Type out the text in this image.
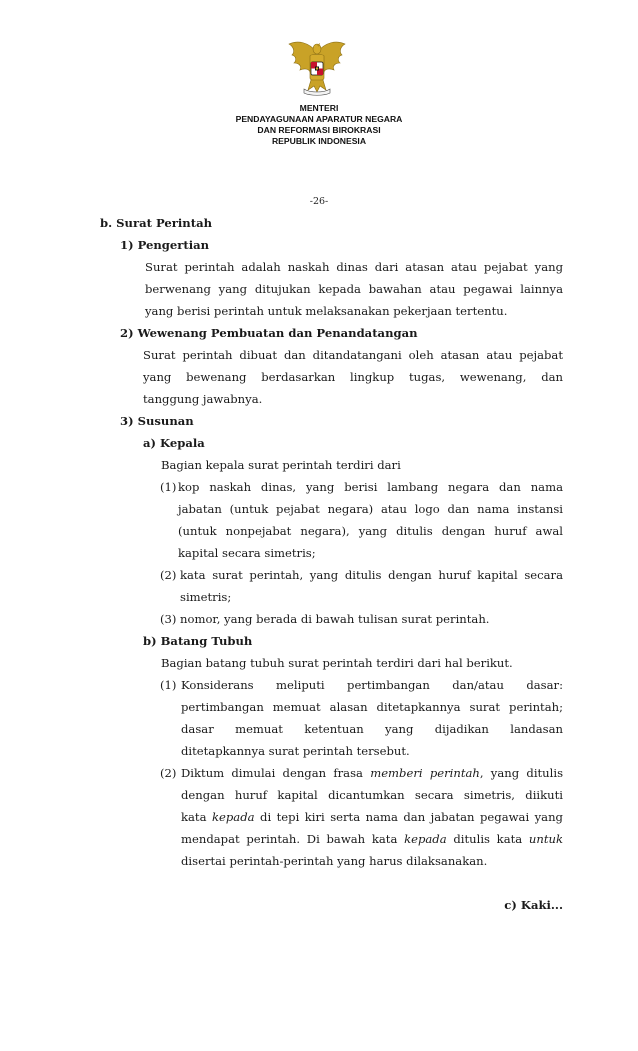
MENTERI
PENDAYAGUNAAN APARATUR NEGARA
DAN REFORMASI BIROKRASI
REPUBLIK INDONESIA
-26-
b. Surat Perintah
1) Pengertian
Surat perintah adalah naskah dinas dari atasan atau pejabat yang
berwenang yang ditujukan kepada bawahan atau pegawai lainnya
yang berisi perintah untuk melaksanakan pekerjaan tertentu.
2) Wewenang Pembuatan dan Penandatangan
Surat perintah dibuat dan ditandatangani oleh atasan atau pejabat
yang bewenang berdasarkan lingkup tugas, wewenang, dan
tanggung jawabnya.
3) Susunan
a) Kepala
Bagian kepala surat perintah terdiri dari
(1) kop naskah dinas, yang berisi lambang negara dan nama
jabatan (untuk pejabat negara) atau logo dan nama instansi
(untuk nonpejabat negara), yang ditulis dengan huruf awal
kapital secara simetris;
(2) kata surat perintah, yang ditulis dengan huruf kapital secara
simetris;
(3) nomor, yang berada di bawah tulisan surat perintah.
b) Batang Tubuh
Bagian batang tubuh surat perintah terdiri dari hal berikut.
(1) Konsiderans meliputi pertimbangan dan/atau dasar:
pertimbangan memuat alasan ditetapkannya surat perintah;
dasar memuat ketentuan yang dijadikan landasan
ditetapkannya surat perintah tersebut.
(2) Diktum dimulai dengan frasa memberi perintah, yang ditulis
dengan huruf kapital dicantumkan secara simetris, diikuti
kata kepada di tepi kiri serta nama dan jabatan pegawai yang
mendapat perintah. Di bawah kata kepada ditulis kata untuk
disertai perintah-perintah yang harus dilaksanakan.
c) Kaki...
